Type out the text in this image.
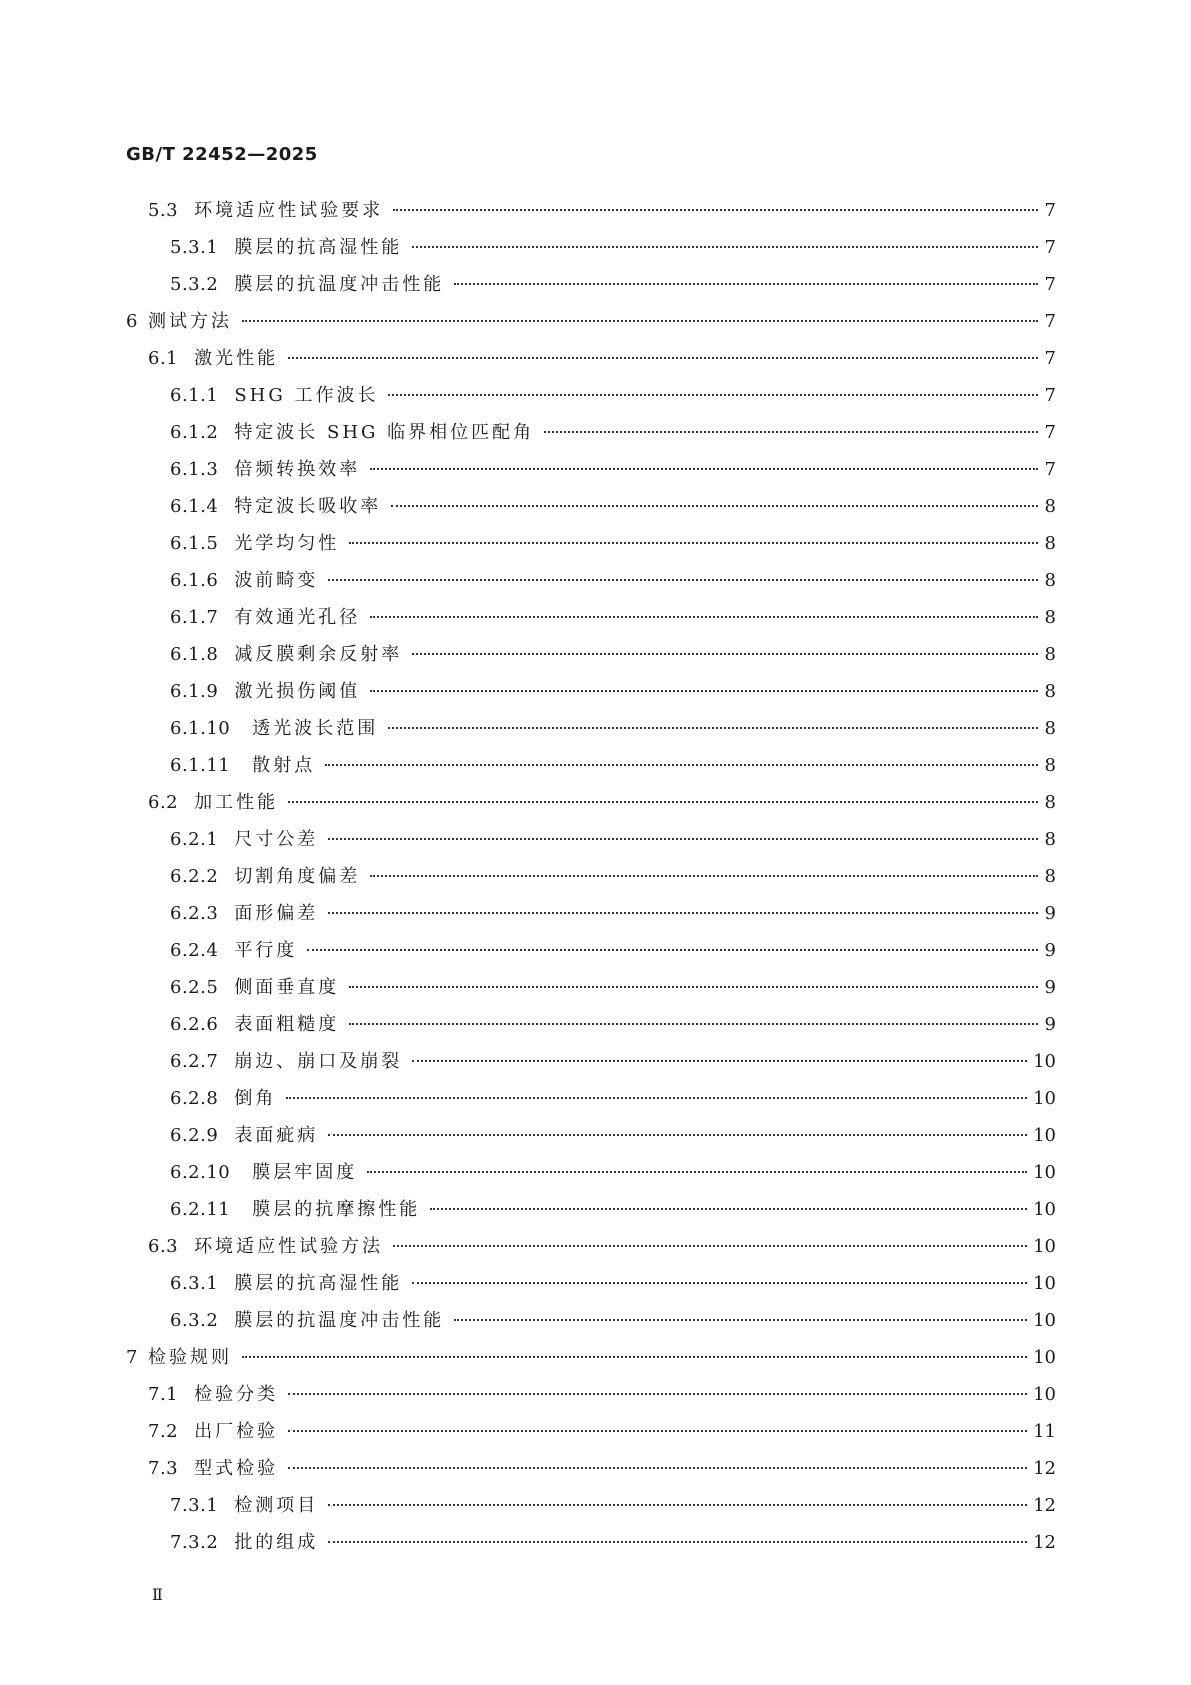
GB/T 22452—2025
5.3 环境适应性试验要求	7
5.3.1 膜层的抗高湿性能	7
5.3.2 膜层的抗温度冲击性能	7
6 测试方法	7
6.1 激光性能	7
6.1.1 SHG 工作波长	7
6.1.2 特定波长 SHG 临界相位匹配角	7
6.1.3 倍频转换效率	7
6.1.4 特定波长吸收率	8
6.1.5 光学均匀性	8
6.1.6 波前畸变	8
6.1.7 有效通光孔径	8
6.1.8 减反膜剩余反射率	8
6.1.9 激光损伤阈值	8
6.1.10	透光波长范围	8
6.1.11	散射点	8
6.2 加工性能	8
6.2.1 尺寸公差	8
6.2.2 切割角度偏差	8
6.2.3 面形偏差	9
6.2.4 平行度	9
6.2.5 侧面垂直度	9
6.2.6 表面粗糙度	9
6.2.7 崩边、崩口及崩裂	10
6.2.8 倒角	10
6.2.9 表面疵病	10
6.2.10	膜层牢固度	10
6.2.11	膜层的抗摩擦性能	10
6.3 环境适应性试验方法	10
6.3.1 膜层的抗高湿性能	10
6.3.2 膜层的抗温度冲击性能	10
7 检验规则	10
7.1 检验分类	10
7.2 出厂检验	11
7.3 型式检验	12
7.3.1 检测项目	12
7.3.2 批的组成	12

Ⅱ
